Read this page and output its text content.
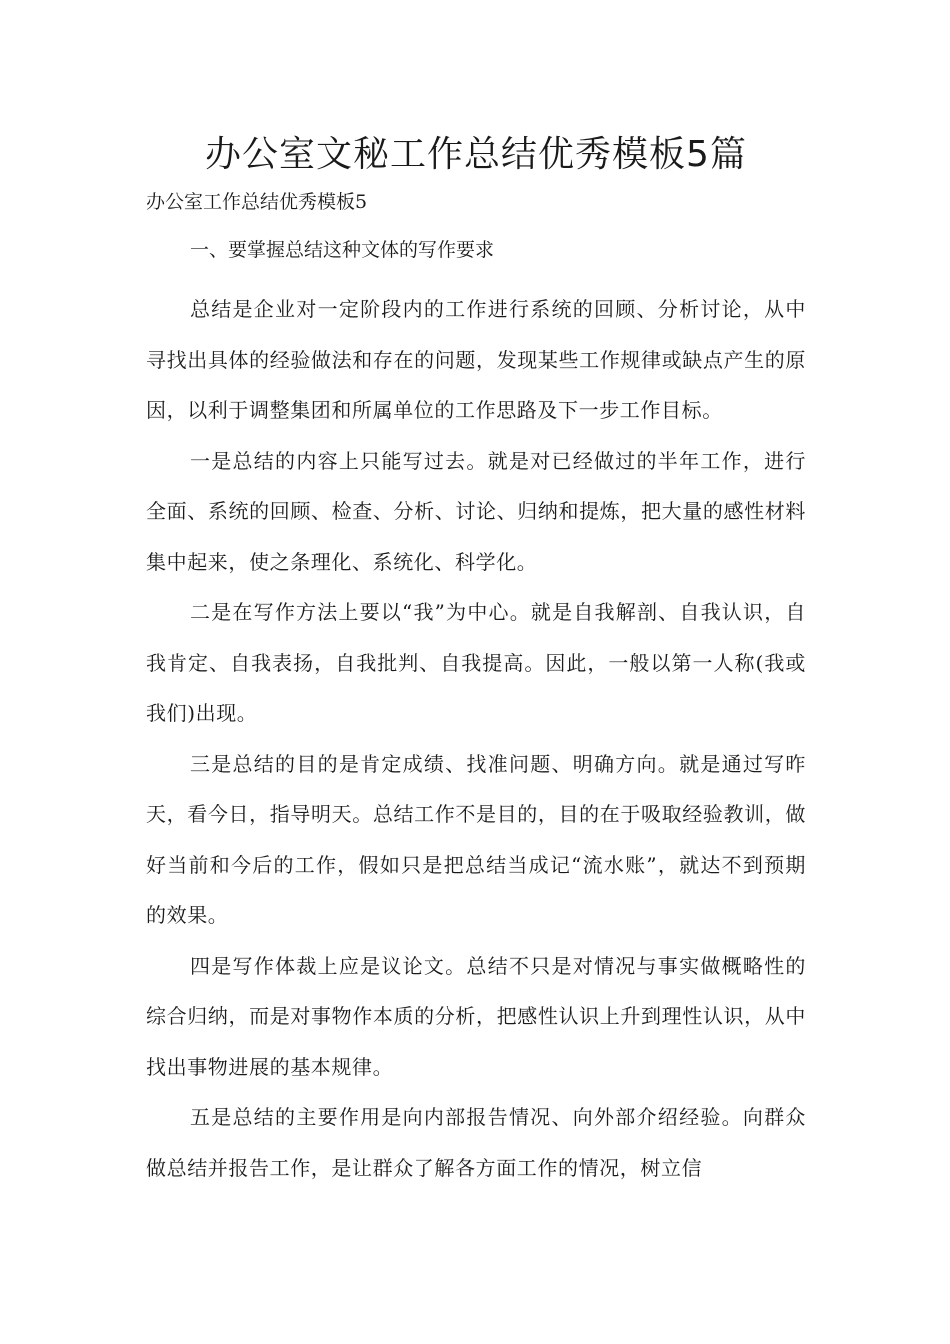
办公室文秘工作总结优秀模板5篇
办公室工作总结优秀模板5
一、要掌握总结这种文体的写作要求

总结是企业对一定阶段内的工作进行系统的回顾、分析讨论，从中寻找出具体的经验做法和存在的问题，发现某些工作规律或缺点产生的原因，以利于调整集团和所属单位的工作思路及下一步工作目标。

一是总结的内容上只能写过去。就是对已经做过的半年工作，进行全面、系统的回顾、检查、分析、讨论、归纳和提炼，把大量的感性材料集中起来，使之条理化、系统化、科学化。

二是在写作方法上要以“我”为中心。就是自我解剖、自我认识，自我肯定、自我表扬，自我批判、自我提高。因此，一般以第一人称(我或我们)出现。

三是总结的目的是肯定成绩、找准问题、明确方向。就是通过写昨天，看今日，指导明天。总结工作不是目的，目的在于吸取经验教训，做好当前和今后的工作，假如只是把总结当成记“流水账”，就达不到预期的效果。

四是写作体裁上应是议论文。总结不只是对情况与事实做概略性的综合归纳，而是对事物作本质的分析，把感性认识上升到理性认识，从中找出事物进展的基本规律。

五是总结的主要作用是向内部报告情况、向外部介绍经验。向群众做总结并报告工作，是让群众了解各方面工作的情况，树立信
